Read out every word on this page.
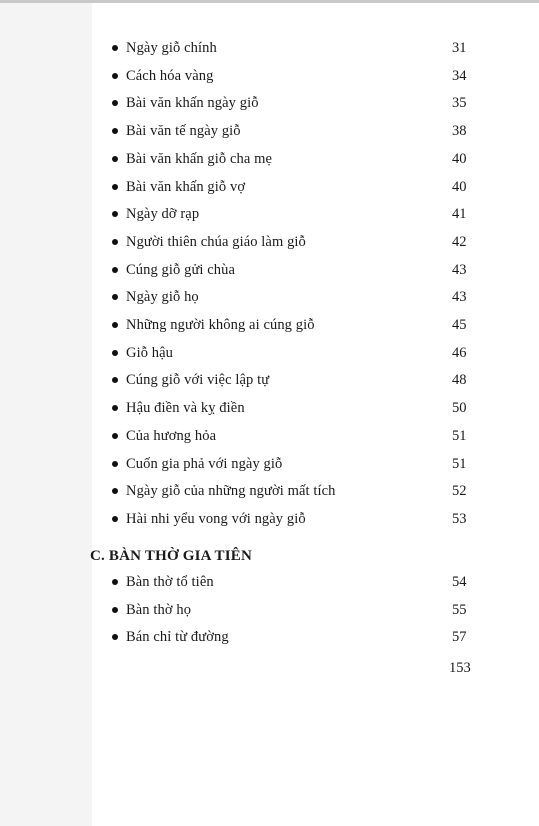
Ngày giỗ chính	31
Cách hóa vàng	34
Bài văn khấn ngày giỗ	35
Bài văn tế ngày giỗ	38
Bài văn khấn giỗ cha mẹ	40
Bài văn khấn giỗ vợ	40
Ngày dỡ rạp	41
Người thiên chúa giáo làm giỗ	42
Cúng giỗ gửi chùa	43
Ngày giỗ họ	43
Những người không ai cúng giỗ	45
Giỗ hậu	46
Cúng giỗ với việc lập tự	48
Hậu điền và kỵ điền	50
Của hương hỏa	51
Cuốn gia phả với ngày giỗ	51
Ngày giỗ của những người mất tích	52
Hài nhi yểu vong với ngày giỗ	53
Bàn thờ tổ tiên	54
Bàn thờ họ	55
Bán chỉ từ đường	57
C. BÀN THỜ GIA TIÊN
153
